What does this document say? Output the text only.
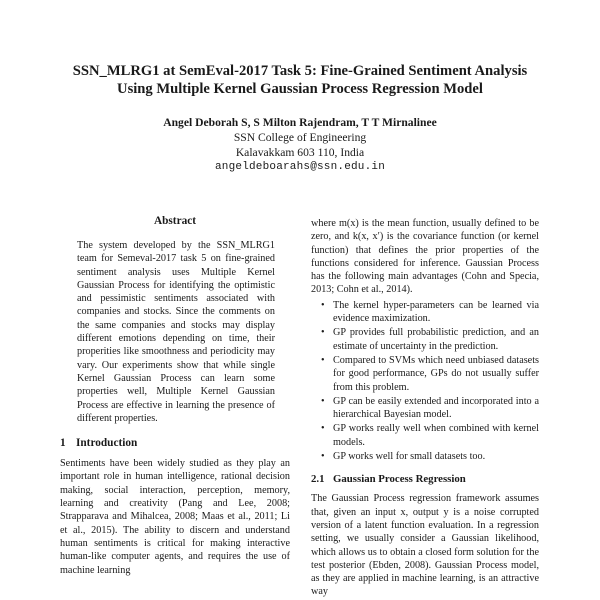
SSN_MLRG1 at SemEval-2017 Task 5: Fine-Grained Sentiment Analysis
Using Multiple Kernel Gaussian Process Regression Model
Angel Deborah S, S Milton Rajendram, T T Mirnalinee
SSN College of Engineering
Kalavakkam 603 110, India
angeldeboarahs@ssn.edu.in
Abstract

The system developed by the SSN_MLRG1 team for Semeval-2017 task 5 on fine-grained sentiment analysis uses Multiple Kernel Gaussian Process for identifying the optimistic and pessimistic sentiments associated with companies and stocks. Since the comments on the same companies and stocks may display different emotions depending on time, their properities like smoothness and periodicity may vary. Our experiments show that while single Kernel Gaussian Process can learn some properties well, Multiple Kernel Gaussian Process are effective in learning the presence of different properties.

1 Introduction

Sentiments have been widely studied as they play an important role in human intelligence, rational decision making, social interaction, perception, memory, learning and creativity (Pang and Lee, 2008; Strapparava and Mihalcea, 2008; Maas et al., 2011; Li et al., 2015). The ability to discern and understand human sentiments is critical for making interactive human-like computer agents, and requires the use of machine learning

where m(x) is the mean function, usually defined to be zero, and k(x, x′) is the covariance function (or kernel function) that defines the prior properties of the functions considered for inference. Gaussian Process has the following main advantages (Cohn and Specia, 2013; Cohn et al., 2014).

• The kernel hyper-parameters can be learned via evidence maximization.
• GP provides full probabilistic prediction, and an estimate of uncertainty in the prediction.
• Compared to SVMs which need unbiased datasets for good performance, GPs do not usually suffer from this problem.
• GP can be easily extended and incorporated into a hierarchical Bayesian model.
• GP works really well when combined with kernel models.
• GP works well for small datasets too.
2.1 Gaussian Process Regression

The Gaussian Process regression framework assumes that, given an input x, output y is a noise corrupted version of a latent function evaluation. In a regression setting, we usually consider a Gaussian likelihood, which allows us to obtain a closed form solution for the test posterior (Ebden, 2008). Gaussian Process model, as they are applied in machine learning, is an attractive way
